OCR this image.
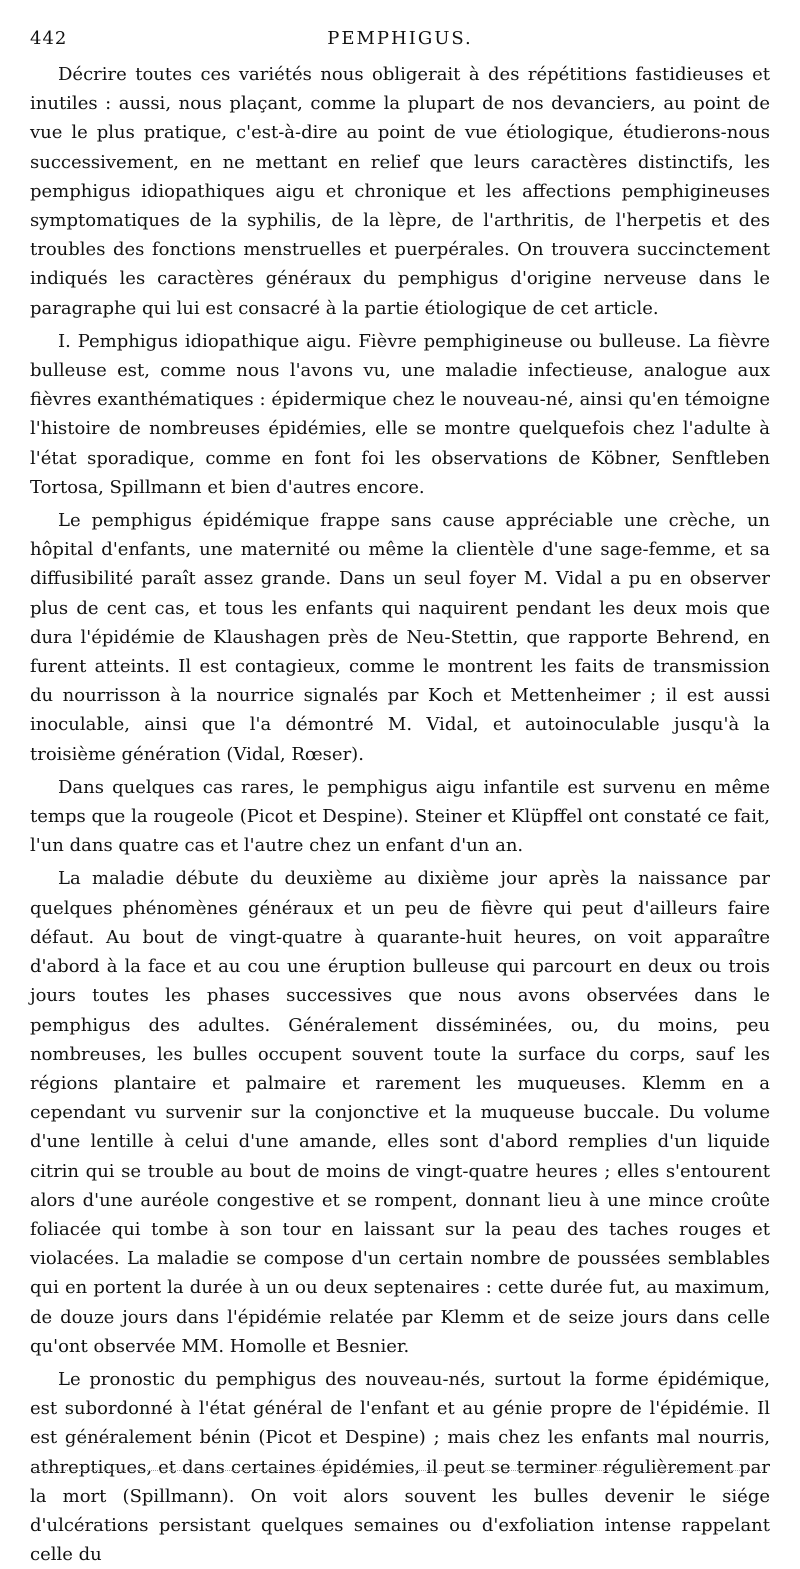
442	PEMPHIGUS.

Décrire toutes ces variétés nous obligerait à des répétitions fastidieuses et inutiles : aussi, nous plaçant, comme la plupart de nos devanciers, au point de vue le plus pratique, c'est-à-dire au point de vue étiologique, étudierons-nous successivement, en ne mettant en relief que leurs caractères distinctifs, les pemphigus idiopathiques aigu et chronique et les affections pemphigineuses symptomatiques de la syphilis, de la lèpre, de l'arthritis, de l'herpetis et des troubles des fonctions menstruelles et puerpérales. On trouvera succinctement indiqués les caractères généraux du pemphigus d'origine nerveuse dans le paragraphe qui lui est consacré à la partie étiologique de cet article.

I. Pemphigus idiopathique aigu. Fièvre pemphigineuse ou bulleuse. La fièvre bulleuse est, comme nous l'avons vu, une maladie infectieuse, analogue aux fièvres exanthématiques : épidermique chez le nouveau-né, ainsi qu'en témoigne l'histoire de nombreuses épidémies, elle se montre quelquefois chez l'adulte à l'état sporadique, comme en font foi les observations de Köbner, Senftleben Tortosa, Spillmann et bien d'autres encore.

Le pemphigus épidémique frappe sans cause appréciable une crèche, un hôpital d'enfants, une maternité ou même la clientèle d'une sage-femme, et sa diffusibilité paraît assez grande. Dans un seul foyer M. Vidal a pu en observer plus de cent cas, et tous les enfants qui naquirent pendant les deux mois que dura l'épidémie de Klaushagen près de Neu-Stettin, que rapporte Behrend, en furent atteints. Il est contagieux, comme le montrent les faits de transmission du nourrisson à la nourrice signalés par Koch et Mettenheimer ; il est aussi inoculable, ainsi que l'a démontré M. Vidal, et autoinoculable jusqu'à la troisième génération (Vidal, Rœser).

Dans quelques cas rares, le pemphigus aigu infantile est survenu en même temps que la rougeole (Picot et Despine). Steiner et Klüpffel ont constaté ce fait, l'un dans quatre cas et l'autre chez un enfant d'un an.

La maladie débute du deuxième au dixième jour après la naissance par quelques phénomènes généraux et un peu de fièvre qui peut d'ailleurs faire défaut. Au bout de vingt-quatre à quarante-huit heures, on voit apparaître d'abord à la face et au cou une éruption bulleuse qui parcourt en deux ou trois jours toutes les phases successives que nous avons observées dans le pemphigus des adultes. Généralement disséminées, ou, du moins, peu nombreuses, les bulles occupent souvent toute la surface du corps, sauf les régions plantaire et palmaire et rarement les muqueuses. Klemm en a cependant vu survenir sur la conjonctive et la muqueuse buccale. Du volume d'une lentille à celui d'une amande, elles sont d'abord remplies d'un liquide citrin qui se trouble au bout de moins de vingt-quatre heures ; elles s'entourent alors d'une auréole congestive et se rompent, donnant lieu à une mince croûte foliacée qui tombe à son tour en laissant sur la peau des taches rouges et violacées. La maladie se compose d'un certain nombre de poussées semblables qui en portent la durée à un ou deux septenaires : cette durée fut, au maximum, de douze jours dans l'épidémie relatée par Klemm et de seize jours dans celle qu'ont observée MM. Homolle et Besnier.

Le pronostic du pemphigus des nouveau-nés, surtout la forme épidémique, est subordonné à l'état général de l'enfant et au génie propre de l'épidémie. Il est généralement bénin (Picot et Despine) ; mais chez les enfants mal nourris, athreptiques, et dans certaines épidémies, il peut se terminer régulièrement par la mort (Spillmann). On voit alors souvent les bulles devenir le siége d'ulcérations persistant quelques semaines ou d'exfoliation intense rappelant celle du
